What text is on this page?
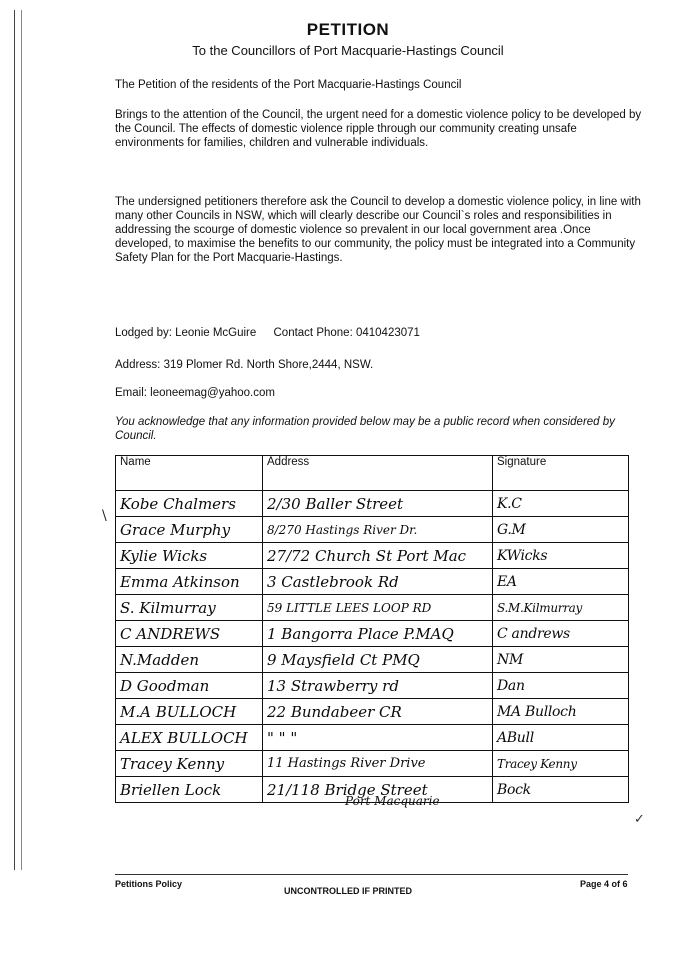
PETITION
To the Councillors of Port Macquarie-Hastings Council

The Petition of the residents of the Port Macquarie-Hastings Council

Brings to the attention of the Council, the urgent need for a domestic violence policy to be developed by the Council. The effects of domestic violence ripple through our community creating unsafe environments for families, children and vulnerable individuals.

The undersigned petitioners therefore ask the Council to develop a domestic violence policy, in line with many other Councils in NSW, which will clearly describe our Council`s roles and responsibilities in addressing the scourge of domestic violence so prevalent in our local government area .Once developed, to maximise the benefits to our community, the policy must be integrated into a Community Safety Plan for the Port Macquarie-Hastings.

Lodged by: Leonie McGuire Contact Phone: 0410423071
Address: 319 Plomer Rd. North Shore,2444, NSW.
Email: leoneemag@yahoo.com
You acknowledge that any information provided below may be a public record when considered by Council.
Name	Address	Signature
Kobe Chalmers	2/30 Baller Street	K.C
Grace Murphy	8/270 Hastings River Dr.	G.M
Kylie Wicks	27/72 Church St Port Mac	KWicks
Emma Atkinson	3 Castlebrook Rd	EA
S. Kilmurray	59 LITTLE LEES LOOP RD	S.M.Kilmurray
C ANDREWS	1 Bangorra Place P.MAQ	C andrews
N.Madden	9 Maysfield Ct PMQ	NM
D Goodman	13 Strawberry rd	Dan
M.A BULLOCH	22 Bundabeer CR	MA Bulloch
ALEX BULLOCH	" " "	ABull
Tracey Kenny	11 Hastings River Drive	Tracey Kenny
Briellen Lock	21/118 Bridge Street	Bock
\
Port Macquarie
✓
Petitions Policy
UNCONTROLLED IF PRINTED
Page 4 of 6
